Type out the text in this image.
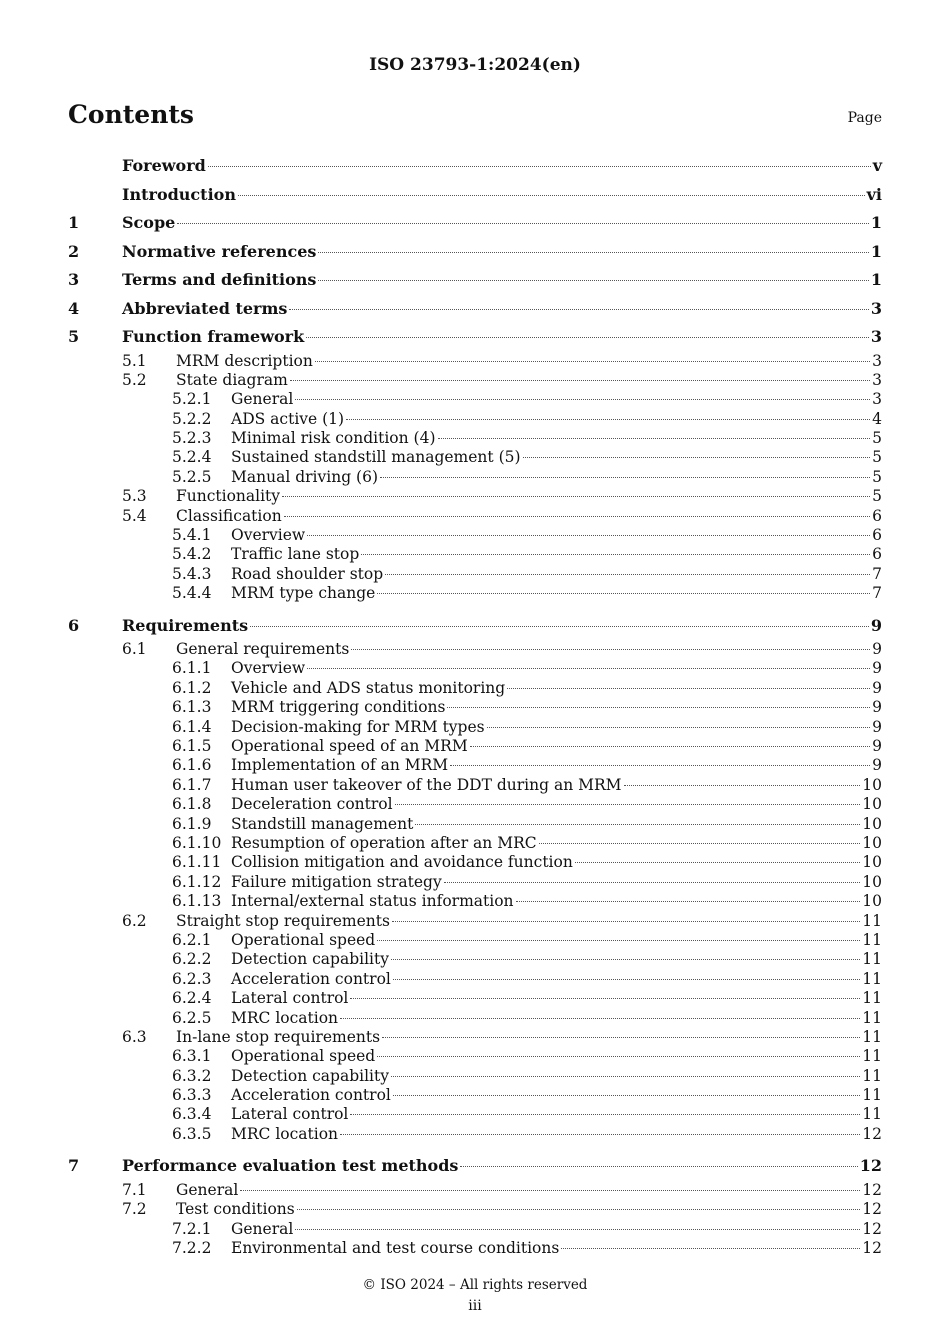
ISO 23793-1:2024(en)
Contents	Page
Foreword	v
Introduction	vi
1	Scope	1
2	Normative references	1
3	Terms and definitions	1
4	Abbreviated terms	3
5	Function framework	3
5.1	MRM description	3
5.2	State diagram	3
5.2.1	General	3
5.2.2	ADS active (1)	4
5.2.3	Minimal risk condition (4)	5
5.2.4	Sustained standstill management (5)	5
5.2.5	Manual driving (6)	5
5.3	Functionality	5
5.4	Classification	6
5.4.1	Overview	6
5.4.2	Traffic lane stop	6
5.4.3	Road shoulder stop	7
5.4.4	MRM type change	7
6	Requirements	9
6.1	General requirements	9
6.1.1	Overview	9
6.1.2	Vehicle and ADS status monitoring	9
6.1.3	MRM triggering conditions	9
6.1.4	Decision-making for MRM types	9
6.1.5	Operational speed of an MRM	9
6.1.6	Implementation of an MRM	9
6.1.7	Human user takeover of the DDT during an MRM	10
6.1.8	Deceleration control	10
6.1.9	Standstill management	10
6.1.10 Resumption of operation after an MRC	10
6.1.11 Collision mitigation and avoidance function	10
6.1.12 Failure mitigation strategy	10
6.1.13 Internal/external status information	10
6.2	Straight stop requirements	11
6.2.1	Operational speed	11
6.2.2	Detection capability	11
6.2.3	Acceleration control	11
6.2.4	Lateral control	11
6.2.5	MRC location	11
6.3	In-lane stop requirements	11
6.3.1	Operational speed	11
6.3.2	Detection capability	11
6.3.3	Acceleration control	11
6.3.4	Lateral control	11
6.3.5	MRC location	12
7	Performance evaluation test methods	12
7.1	General	12
7.2	Test conditions	12
7.2.1	General	12
7.2.2	Environmental and test course conditions	12
© ISO 2024 – All rights reserved
iii
